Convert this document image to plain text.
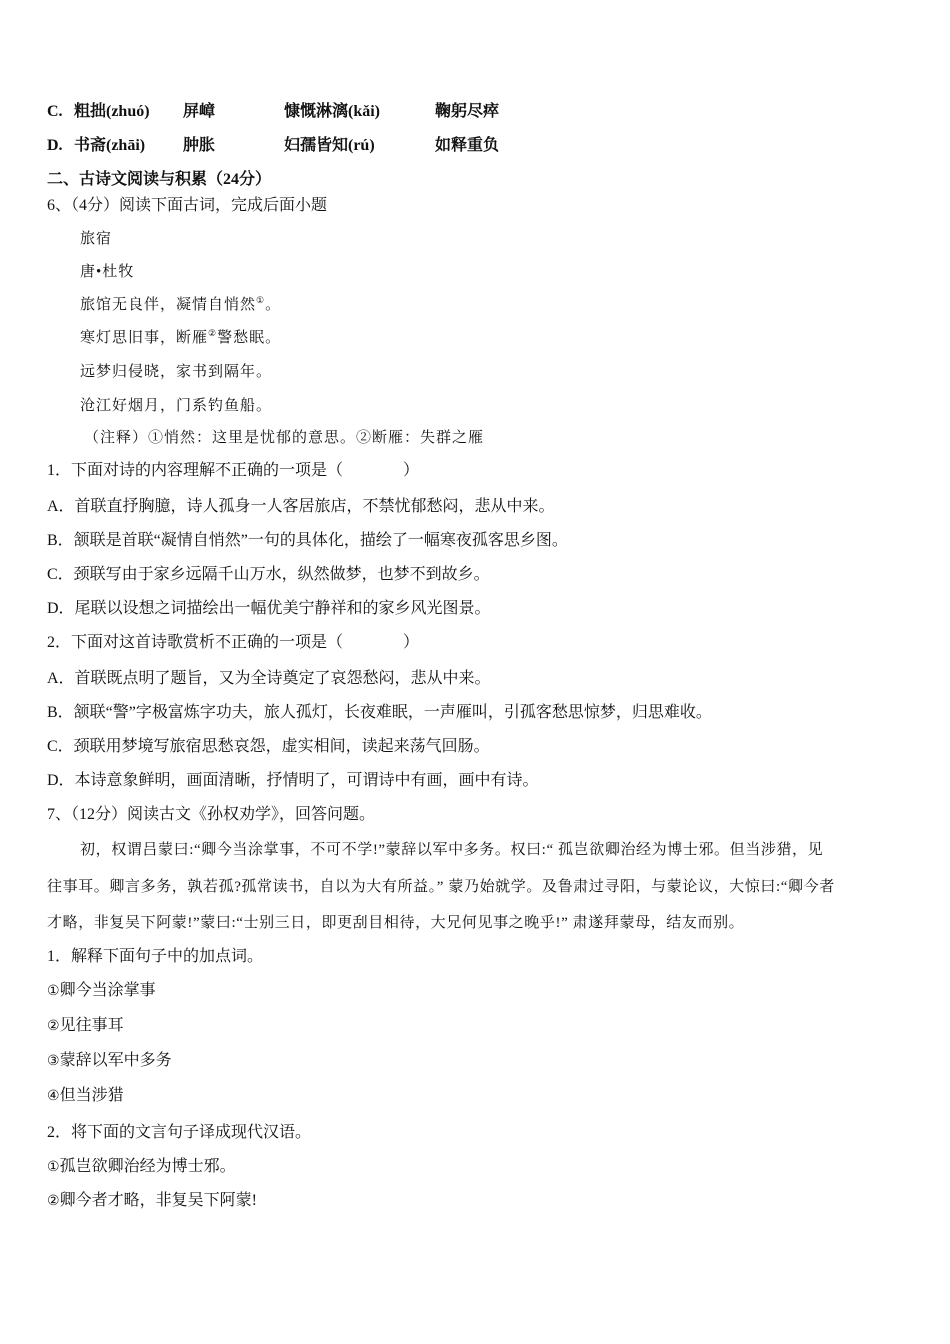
C. 粗拙(zhuó) 屏嶂	慷慨淋漓(kǎi)	鞠躬尽瘁
D. 书斋(zhāi) 肿胀	妇孺皆知(rú)	如释重负
二、古诗文阅读与积累（24分）
6、（4分）阅读下面古词，完成后面小题
旅宿
唐•杜牧
旅馆无良伴，凝情自悄然①。
寒灯思旧事，断雁②警愁眠。
远梦归侵晓，家书到隔年。
沧江好烟月，门系钓鱼船。
（注释）①悄然：这里是忧郁的意思。②断雁：失群之雁
1．下面对诗的内容理解不正确的一项是（	）
A．首联直抒胸臆，诗人孤身一人客居旅店，不禁忧郁愁闷，悲从中来。
B．颔联是首联“凝情自悄然”一句的具体化，描绘了一幅寒夜孤客思乡图。
C．颈联写由于家乡远隔千山万水，纵然做梦，也梦不到故乡。
D．尾联以设想之词描绘出一幅优美宁静祥和的家乡风光图景。
2．下面对这首诗歌赏析不正确的一项是（	）
A．首联既点明了题旨，又为全诗奠定了哀怨愁闷，悲从中来。
B．颔联“警”字极富炼字功夫，旅人孤灯，长夜难眠，一声雁叫，引孤客愁思惊梦，归思难收。
C．颈联用梦境写旅宿思愁哀怨，虚实相间，读起来荡气回肠。
D．本诗意象鲜明，画面清晰，抒情明了，可谓诗中有画，画中有诗。
7、（12分）阅读古文《孙权劝学》，回答问题。
初，权谓吕蒙曰:“卿今当涂掌事，不可不学!”蒙辞以军中多务。权曰:“ 孤岂欲卿治经为博士邪。但当涉猎，见
往事耳。卿言多务，孰若孤?孤常读书，自以为大有所益。” 蒙乃始就学。及鲁肃过寻阳，与蒙论议，大惊曰:“卿今者
才略，非复吴下阿蒙!”蒙曰:“士别三日，即更刮目相待，大兄何见事之晚乎!” 肃遂拜蒙母，结友而别。
1．解释下面句子中的加点词。
①卿今当涂掌事
②见往事耳
③蒙辞以军中多务
④但当涉猎
2．将下面的文言句子译成现代汉语。
①孤岂欲卿治经为博士邪。
②卿今者才略，非复吴下阿蒙!
